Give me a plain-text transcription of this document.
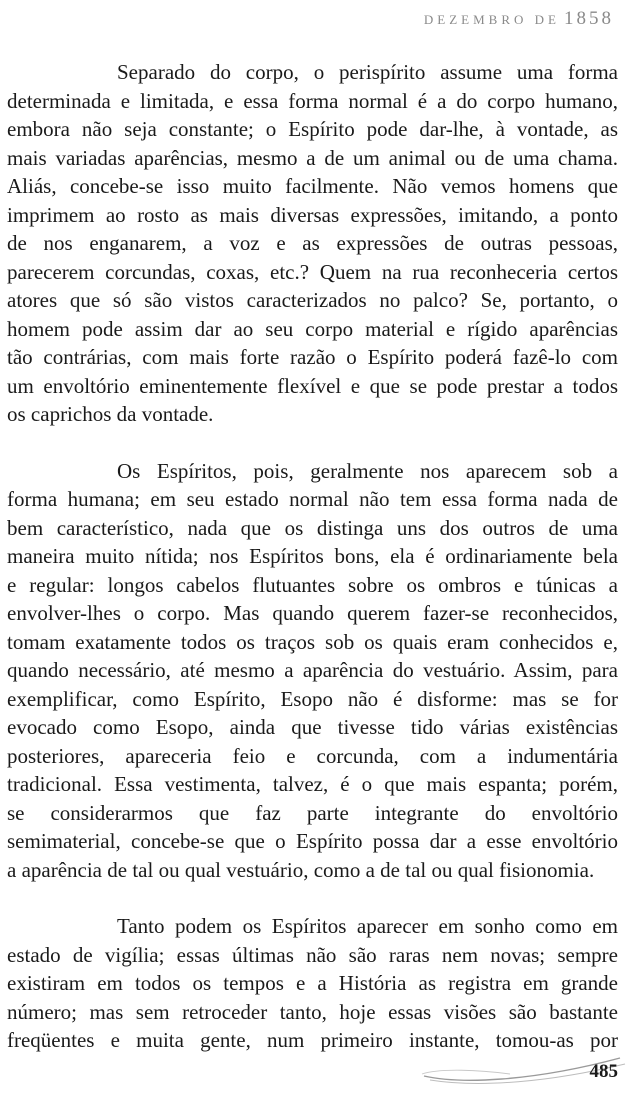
DEZEMBRO DE 1858

Separado do corpo, o perispírito assume uma forma
determinada e limitada, e essa forma normal é a do corpo humano,
embora não seja constante; o Espírito pode dar-lhe, à vontade, as
mais variadas aparências, mesmo a de um animal ou de uma chama.
Aliás, concebe-se isso muito facilmente. Não vemos homens que
imprimem ao rosto as mais diversas expressões, imitando, a ponto
de nos enganarem, a voz e as expressões de outras pessoas,
parecerem corcundas, coxas, etc.? Quem na rua reconheceria certos
atores que só são vistos caracterizados no palco? Se, portanto, o
homem pode assim dar ao seu corpo material e rígido aparências
tão contrárias, com mais forte razão o Espírito poderá fazê-lo com
um envoltório eminentemente flexível e que se pode prestar a todos
os caprichos da vontade.

Os Espíritos, pois, geralmente nos aparecem sob a
forma humana; em seu estado normal não tem essa forma nada de
bem característico, nada que os distinga uns dos outros de uma
maneira muito nítida; nos Espíritos bons, ela é ordinariamente bela
e regular: longos cabelos flutuantes sobre os ombros e túnicas a
envolver-lhes o corpo. Mas quando querem fazer-se reconhecidos,
tomam exatamente todos os traços sob os quais eram conhecidos e,
quando necessário, até mesmo a aparência do vestuário. Assim, para
exemplificar, como Espírito, Esopo não é disforme: mas se for
evocado como Esopo, ainda que tivesse tido várias existências
posteriores, apareceria feio e corcunda, com a indumentária
tradicional. Essa vestimenta, talvez, é o que mais espanta; porém,
se considerarmos que faz parte integrante do envoltório
semimaterial, concebe-se que o Espírito possa dar a esse envoltório
a aparência de tal ou qual vestuário, como a de tal ou qual fisionomia.

Tanto podem os Espíritos aparecer em sonho como em
estado de vigília; essas últimas não são raras nem novas; sempre
existiram em todos os tempos e a História as registra em grande
número; mas sem retroceder tanto, hoje essas visões são bastante
freqüentes e muita gente, num primeiro instante, tomou-as por

485
